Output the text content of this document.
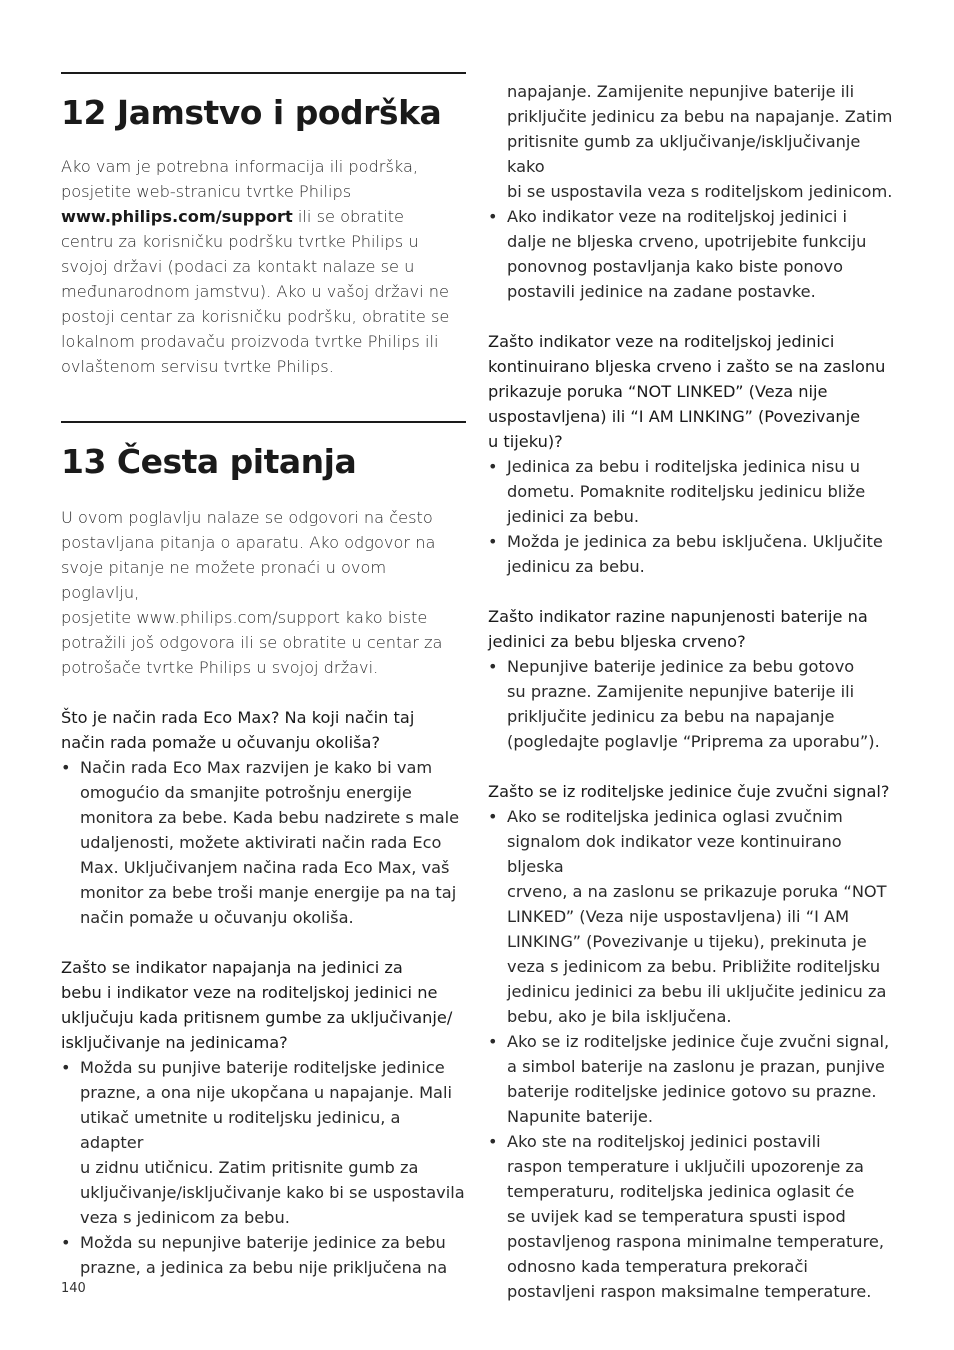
12 Jamstvo i podrška

Ako vam je potrebna informacija ili podrška,
posjetite web-stranicu tvrtke Philips
www.philips.com/support ili se obratite
centru za korisničku podršku tvrtke Philips u
svojoj državi (podaci za kontakt nalaze se u
međunarodnom jamstvu). Ako u vašoj državi ne
postoji centar za korisničku podršku, obratite se
lokalnom prodavaču proizvoda tvrtke Philips ili
ovlaštenom servisu tvrtke Philips.

13 Česta pitanja

U ovom poglavlju nalaze se odgovori na često
postavljana pitanja o aparatu. Ako odgovor na
svoje pitanje ne možete pronaći u ovom poglavlju,
posjetite www.philips.com/support kako biste
potražili još odgovora ili se obratite u centar za
potrošače tvrtke Philips u svojoj državi.

Što je način rada Eco Max? Na koji način taj
način rada pomaže u očuvanju okoliša?

• Način rada Eco Max razvijen je kako bi vam
omogućio da smanjite potrošnju energije
monitora za bebe. Kada bebu nadzirete s male
udaljenosti, možete aktivirati način rada Eco
Max. Uključivanjem načina rada Eco Max, vaš
monitor za bebe troši manje energije pa na taj
način pomaže u očuvanju okoliša.

Zašto se indikator napajanja na jedinici za
bebu i indikator veze na roditeljskoj jedinici ne
uključuju kada pritisnem gumbe za uključivanje/
isključivanje na jedinicama?

• Možda su punjive baterije roditeljske jedinice
prazne, a ona nije ukopčana u napajanje. Mali
utikač umetnite u roditeljsku jedinicu, a adapter
u zidnu utičnicu. Zatim pritisnite gumb za
uključivanje/isključivanje kako bi se uspostavila
veza s jedinicom za bebu.
• Možda su nepunjive baterije jedinice za bebu
prazne, a jedinica za bebu nije priključena na
napajanje. Zamijenite nepunjive baterije ili
priključite jedinicu za bebu na napajanje. Zatim
pritisnite gumb za uključivanje/isključivanje kako
bi se uspostavila veza s roditeljskom jedinicom.
• Ako indikator veze na roditeljskoj jedinici i
dalje ne bljeska crveno, upotrijebite funkciju
ponovnog postavljanja kako biste ponovo
postavili jedinice na zadane postavke.

Zašto indikator veze na roditeljskoj jedinici
kontinuirano bljeska crveno i zašto se na zaslonu
prikazuje poruka “NOT LINKED” (Veza nije
uspostavljena) ili “I AM LINKING” (Povezivanje
u tijeku)?

• Jedinica za bebu i roditeljska jedinica nisu u
dometu. Pomaknite roditeljsku jedinicu bliže
jedinici za bebu.
• Možda je jedinica za bebu isključena. Uključite
jedinicu za bebu.

Zašto indikator razine napunjenosti baterije na
jedinici za bebu bljeska crveno?

• Nepunjive baterije jedinice za bebu gotovo
su prazne. Zamijenite nepunjive baterije ili
priključite jedinicu za bebu na napajanje
(pogledajte poglavlje “Priprema za uporabu”).

Zašto se iz roditeljske jedinice čuje zvučni signal?

• Ako se roditeljska jedinica oglasi zvučnim
signalom dok indikator veze kontinuirano bljeska
crveno, a na zaslonu se prikazuje poruka “NOT
LINKED” (Veza nije uspostavljena) ili “I AM
LINKING” (Povezivanje u tijeku), prekinuta je
veza s jedinicom za bebu. Približite roditeljsku
jedinicu jedinici za bebu ili uključite jedinicu za
bebu, ako je bila isključena.
• Ako se iz roditeljske jedinice čuje zvučni signal,
a simbol baterije na zaslonu je prazan, punjive
baterije roditeljske jedinice gotovo su prazne.
Napunite baterije.
• Ako ste na roditeljskoj jedinici postavili
raspon temperature i uključili upozorenje za
temperaturu, roditeljska jedinica oglasit će
se uvijek kad se temperatura spusti ispod
postavljenog raspona minimalne temperature,
odnosno kada temperatura prekorači
postavljeni raspon maksimalne temperature.
140
